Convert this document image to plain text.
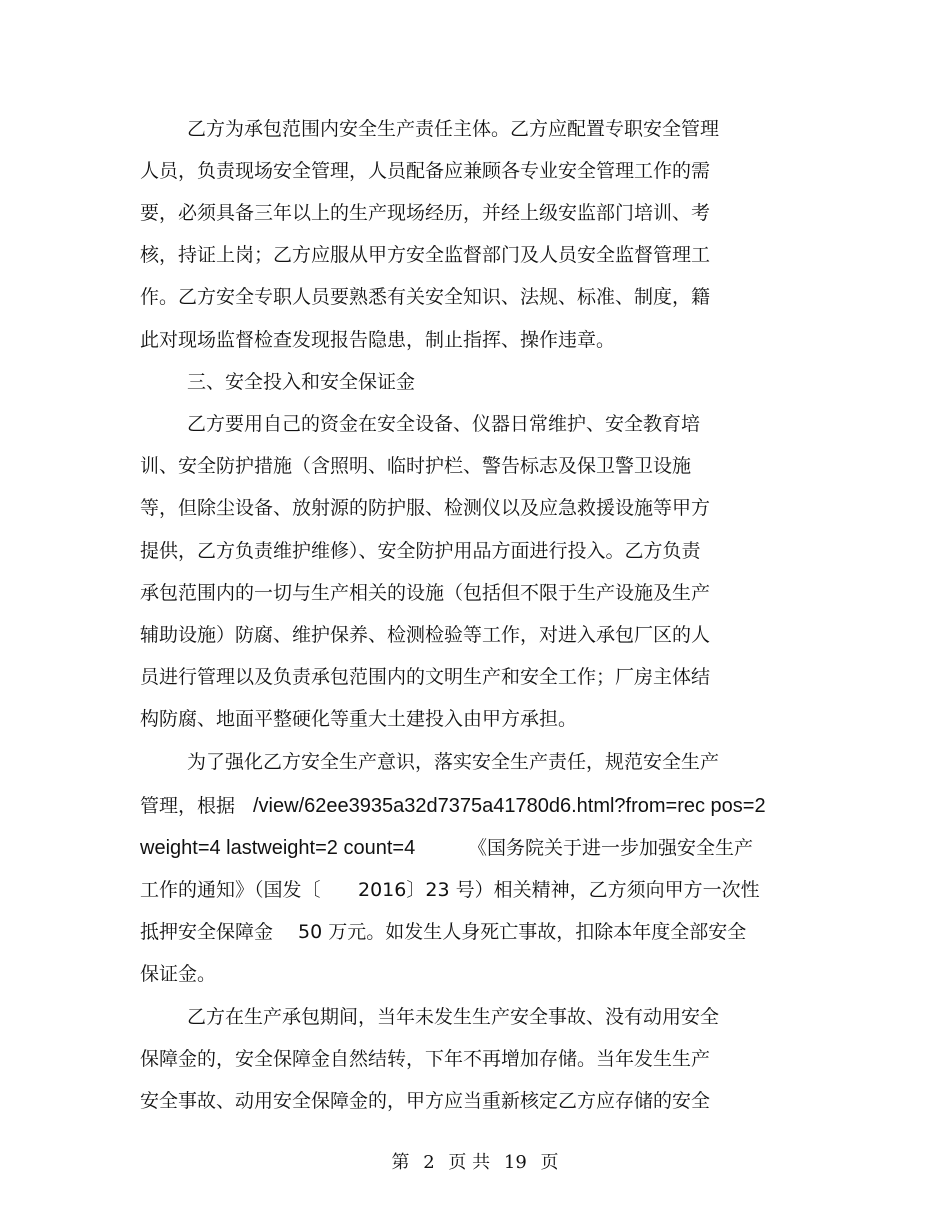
乙方为承包范围内安全生产责任主体。乙方应配置专职安全管理
人员，负责现场安全管理，人员配备应兼顾各专业安全管理工作的需
要，必须具备三年以上的生产现场经历，并经上级安监部门培训、考
核，持证上岗；乙方应服从甲方安全监督部门及人员安全监督管理工
作。乙方安全专职人员要熟悉有关安全知识、法规、标准、制度，籍
此对现场监督检查发现报告隐患，制止指挥、操作违章。
三、安全投入和安全保证金
乙方要用自己的资金在安全设备、仪器日常维护、安全教育培
训、安全防护措施（含照明、临时护栏、警告标志及保卫警卫设施
等，但除尘设备、放射源的防护服、检测仪以及应急救援设施等甲方
提供，乙方负责维护维修）、安全防护用品方面进行投入。乙方负责
承包范围内的一切与生产相关的设施（包括但不限于生产设施及生产
辅助设施）防腐、维护保养、检测检验等工作，对进入承包厂区的人
员进行管理以及负责承包范围内的文明生产和安全工作；厂房主体结
构防腐、地面平整硬化等重大土建投入由甲方承担。
为了强化乙方安全生产意识，落实安全生产责任，规范安全生产
管理，根据 /view/62ee3935a32d7375a41780d6.html?from=rec pos=2
weight=4 lastweight=2 count=4	《国务院关于进一步加强安全生产
工作的通知》（国发〔 2016〕23 号）相关精神，乙方须向甲方一次性
抵押安全保障金 50 万元。如发生人身死亡事故，扣除本年度全部安全
保证金。
乙方在生产承包期间，当年未发生生产安全事故、没有动用安全
保障金的，安全保障金自然结转，下年不再增加存储。当年发生生产
安全事故、动用安全保障金的，甲方应当重新核定乙方应存储的安全
第 2 页 共 19 页
